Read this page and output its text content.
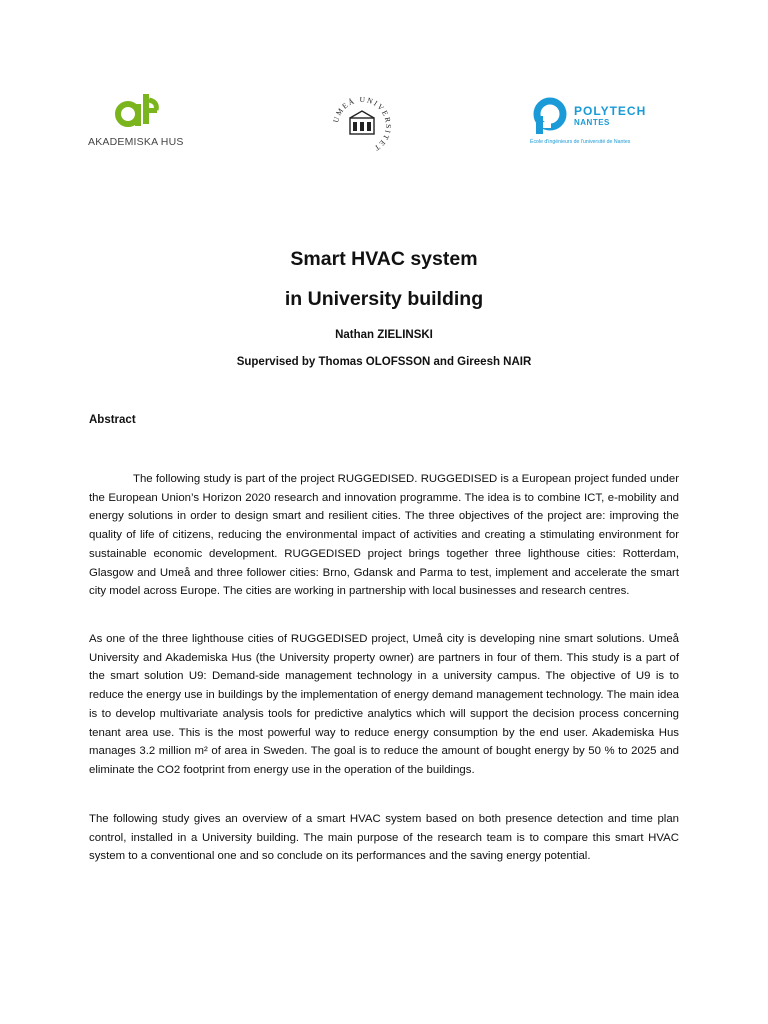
AKADEMISKA HUS
UMEÅ UNIVERSITET
POLYTECH
NANTES
École d'ingénieurs de l'université de Nantes
Smart HVAC system
in University building
Nathan ZIELINSKI
Supervised by Thomas OLOFSSON and Gireesh NAIR
Abstract

The following study is part of the project RUGGEDISED. RUGGEDISED is a European project funded under the European Union’s Horizon 2020 research and innovation programme. The idea is to combine ICT, e-mobility and energy solutions in order to design smart and resilient cities. The three objectives of the project are: improving the quality of life of citizens, reducing the environmental impact of activities and creating a stimulating environment for sustainable economic development. RUGGEDISED project brings together three lighthouse cities: Rotterdam, Glasgow and Umeå and three follower cities: Brno, Gdansk and Parma to test, implement and accelerate the smart city model across Europe. The cities are working in partnership with local businesses and research centres.

As one of the three lighthouse cities of RUGGEDISED project, Umeå city is developing nine smart solutions. Umeå University and Akademiska Hus (the University property owner) are partners in four of them. This study is a part of the smart solution U9: Demand-side management technology in a university campus. The objective of U9 is to reduce the energy use in buildings by the implementation of energy demand management technology. The main idea is to develop multivariate analysis tools for predictive analytics which will support the decision process concerning tenant area use. This is the most powerful way to reduce energy consumption by the end user. Akademiska Hus manages 3.2 million m² of area in Sweden. The goal is to reduce the amount of bought energy by 50 % to 2025 and eliminate the CO2 footprint from energy use in the operation of the buildings.

The following study gives an overview of a smart HVAC system based on both presence detection and time plan control, installed in a University building. The main purpose of the research team is to compare this smart HVAC system to a conventional one and so conclude on its performances and the saving energy potential.
